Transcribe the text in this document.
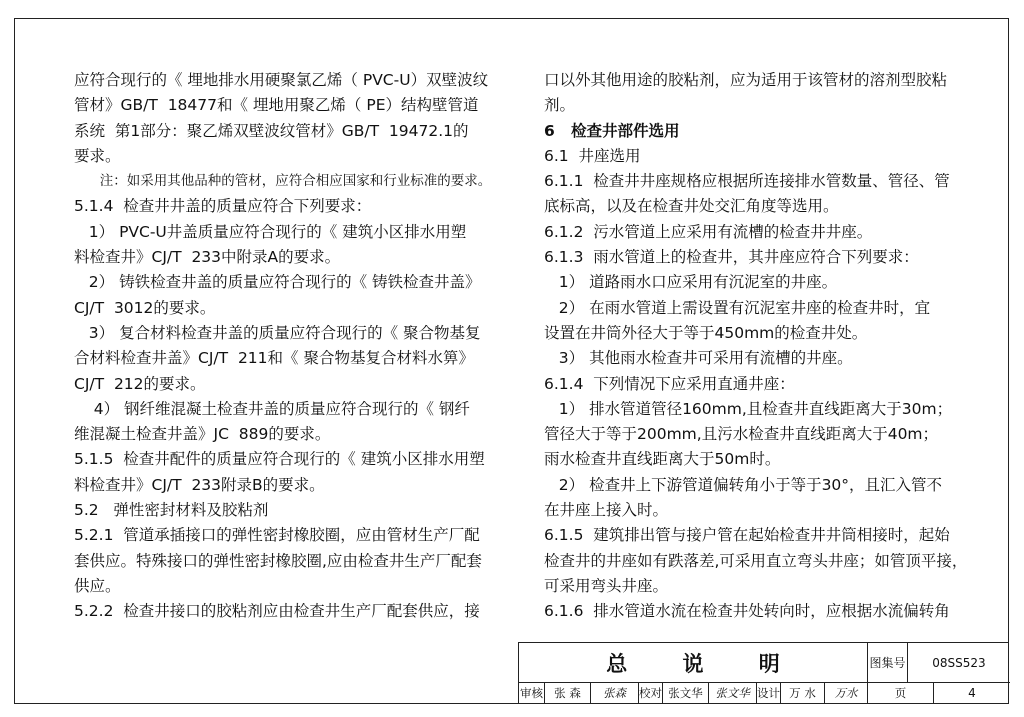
应符合现行的《 埋地排水用硬聚氯乙烯（ PVC-U）双壁波纹

管材》GB/T  18477和《 埋地用聚乙烯（ PE）结构壁管道

系统  第1部分：聚乙烯双壁波纹管材》GB/T  19472.1的

要求。

注：如采用其他品种的管材，应符合相应国家和行业标准的要求。

5.1.4  检查井井盖的质量应符合下列要求：

1） PVC-U井盖质量应符合现行的《 建筑小区排水用塑

料检查井》CJ/T  233中附录A的要求。

2） 铸铁检查井盖的质量应符合现行的《 铸铁检查井盖》

CJ/T  3012的要求。

3） 复合材料检查井盖的质量应符合现行的《 聚合物基复

合材料检查井盖》CJ/T  211和《 聚合物基复合材料水箅》

CJ/T  212的要求。

4） 钢纤维混凝土检查井盖的质量应符合现行的《 钢纤

维混凝土检查井盖》JC  889的要求。

5.1.5  检查井配件的质量应符合现行的《 建筑小区排水用塑

料检查井》CJ/T  233附录B的要求。

5.2   弹性密封材料及胶粘剂

5.2.1  管道承插接口的弹性密封橡胶圈，应由管材生产厂配

套供应。特殊接口的弹性密封橡胶圈,应由检查井生产厂配套

供应。

5.2.2  检查井接口的胶粘剂应由检查井生产厂配套供应，接

口以外其他用途的胶粘剂，应为适用于该管材的溶剂型胶粘

剂。

6   检查井部件选用

6.1  井座选用

6.1.1  检查井井座规格应根据所连接排水管数量、管径、管

底标高，以及在检查井处交汇角度等选用。

6.1.2  污水管道上应采用有流槽的检查井井座。

6.1.3  雨水管道上的检查井，其井座应符合下列要求：

1） 道路雨水口应采用有沉泥室的井座。

2） 在雨水管道上需设置有沉泥室井座的检查井时，宜

设置在井筒外径大于等于450mm的检查井处。

3） 其他雨水检查井可采用有流槽的井座。

6.1.4  下列情况下应采用直通井座：

1） 排水管道管径160mm,且检查井直线距离大于30m；

管径大于等于200mm,且污水检查井直线距离大于40m；

雨水检查井直线距离大于50m时。

2） 检查井上下游管道偏转角小于等于30°，且汇入管不

在井座上接入时。

6.1.5  建筑排出管与接户管在起始检查井井筒相接时，起始

检查井的井座如有跌落差,可采用直立弯头井座；如管顶平接，

可采用弯头井座。

6.1.6  排水管道水流在检查井处转向时，应根据水流偏转角

总 说 明	图集号	08SS523
审核 张 森	张森	校对 张文华	张文华 设计 万 水	万水	页	4
